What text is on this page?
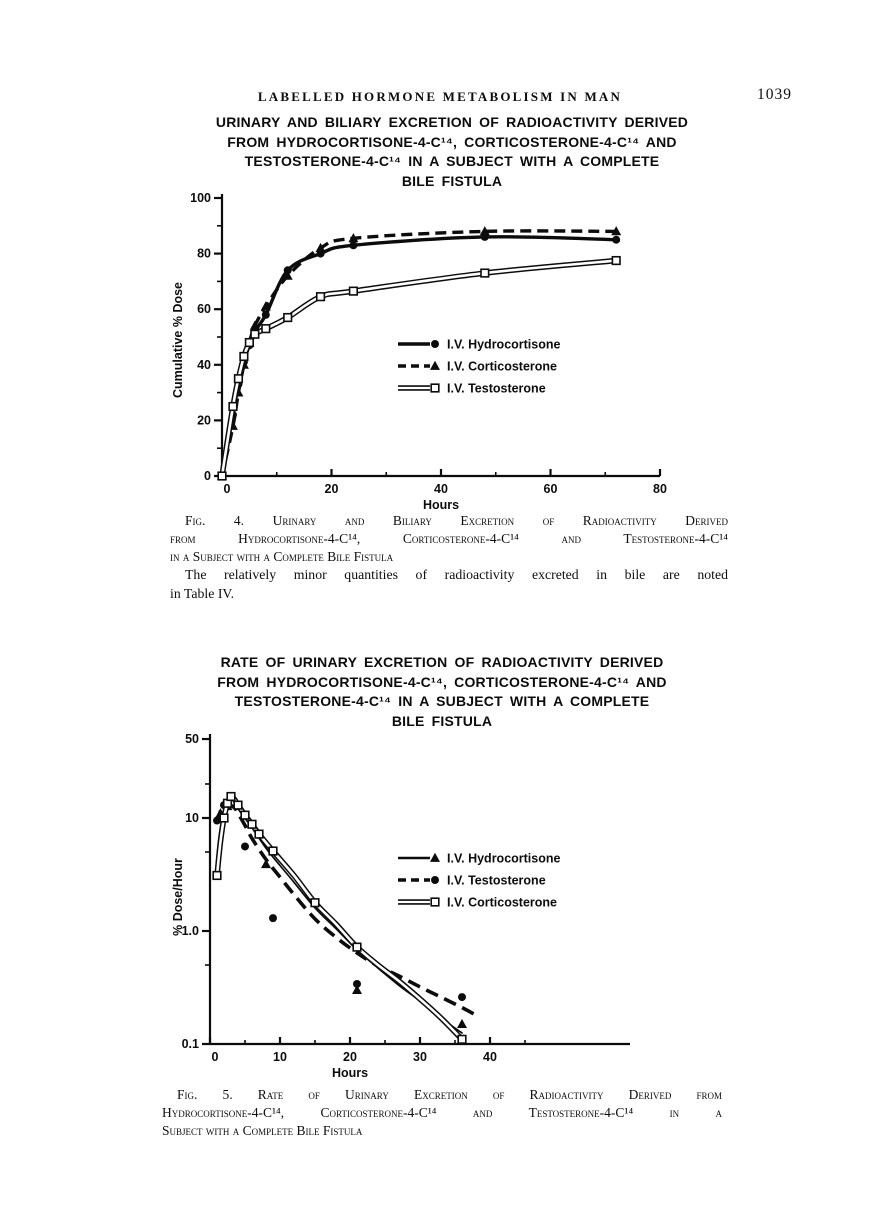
LABELLED HORMONE METABOLISM IN MAN	1039
URINARY AND BILIARY EXCRETION OF RADIOACTIVITY DERIVED
FROM HYDROCORTISONE-4-C¹⁴, CORTICOSTERONE-4-C¹⁴ AND
TESTOSTERONE-4-C¹⁴ IN A SUBJECT WITH A COMPLETE
BILE FISTULA
0	20	40	60	80
0
20
40
60
80
100
Hours
Cumulative % Dose	I.V. Hydrocortisone
I.V. Corticosterone
I.V. Testosterone
Fig. 4. Urinary and Biliary Excretion of Radioactivity Derived
from Hydrocortisone-4-C¹⁴, Corticosterone-4-C¹⁴ and Testosterone-4-C¹⁴
in a Subject with a Complete Bile Fistula
The relatively minor quantities of radioactivity excreted in bile are noted
in Table IV.
RATE OF URINARY EXCRETION OF RADIOACTIVITY DERIVED
FROM HYDROCORTISONE-4-C¹⁴, CORTICOSTERONE-4-C¹⁴ AND
TESTOSTERONE-4-C¹⁴ IN A SUBJECT WITH A COMPLETE
BILE FISTULA
0	10	20	30	40
50
10
1.0
0.1
Hours
% Dose/Hour	I.V. Hydrocortisone
I.V. Testosterone
I.V. Corticosterone
Fig. 5. Rate of Urinary Excretion of Radioactivity Derived from
Hydrocortisone-4-C¹⁴, Corticosterone-4-C¹⁴ and Testosterone-4-C¹⁴ in a
Subject with a Complete Bile Fistula
